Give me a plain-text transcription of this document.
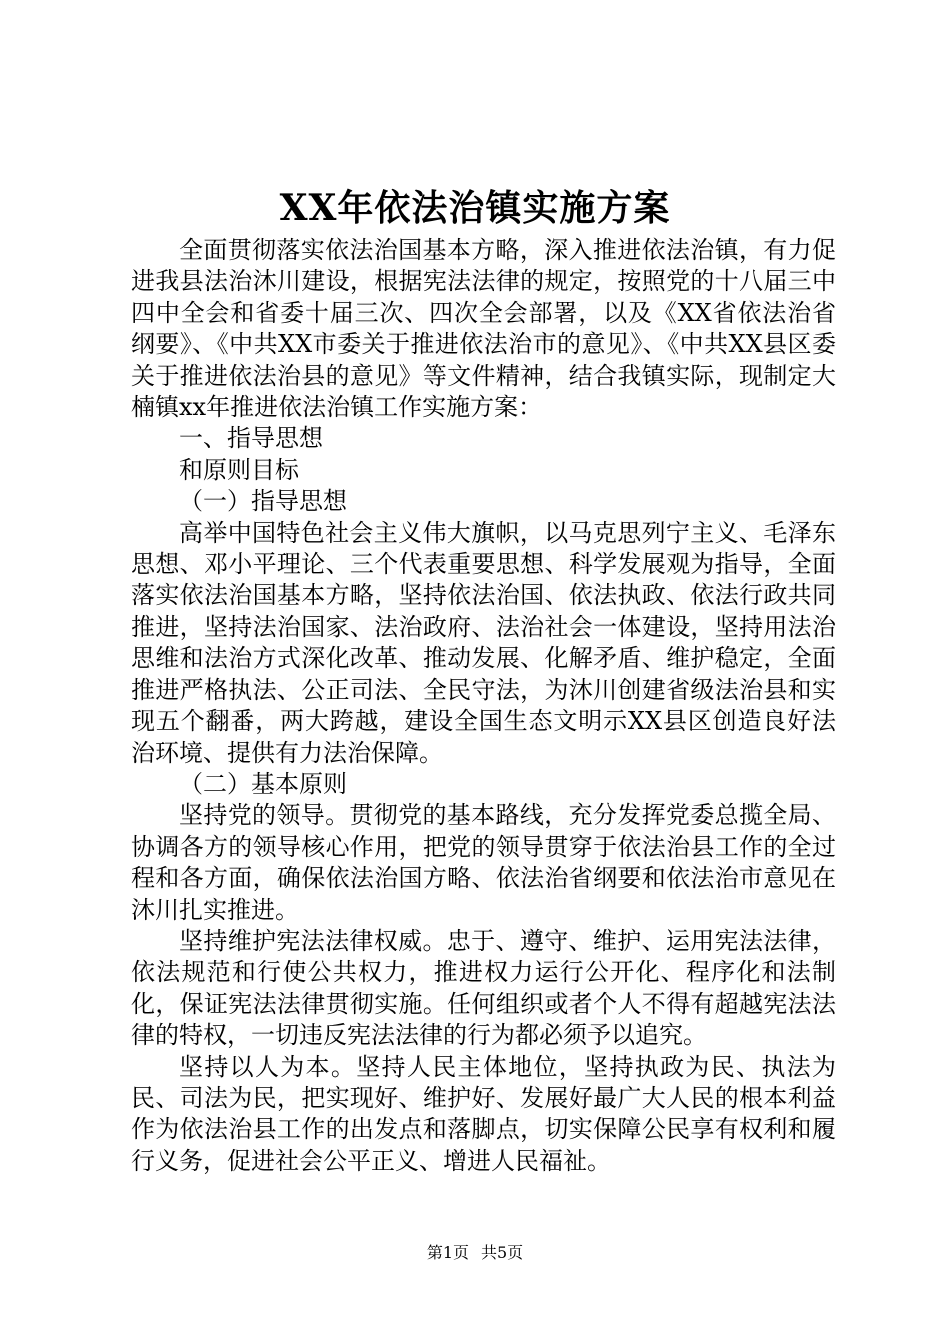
XX年依法治镇实施方案

全面贯彻落实依法治国基本方略，深入推进依法治镇，有力促进我县法治沐川建设，根据宪法法律的规定，按照党的十八届三中四中全会和省委十届三次、四次全会部署，以及《XX省依法治省纲要》、《中共XX市委关于推进依法治市的意见》、《中共XX县区委关于推进依法治县的意见》等文件精神，结合我镇实际，现制定大楠镇xx年推进依法治镇工作实施方案：

一、指导思想

和原则目标

（一）指导思想

高举中国特色社会主义伟大旗帜，以马克思列宁主义、毛泽东思想、邓小平理论、三个代表重要思想、科学发展观为指导，全面落实依法治国基本方略，坚持依法治国、依法执政、依法行政共同推进，坚持法治国家、法治政府、法治社会一体建设，坚持用法治思维和法治方式深化改革、推动发展、化解矛盾、维护稳定，全面推进严格执法、公正司法、全民守法，为沐川创建省级法治县和实现五个翻番，两大跨越，建设全国生态文明示XX县区创造良好法治环境、提供有力法治保障。

（二）基本原则

坚持党的领导。贯彻党的基本路线，充分发挥党委总揽全局、协调各方的领导核心作用，把党的领导贯穿于依法治县工作的全过程和各方面，确保依法治国方略、依法治省纲要和依法治市意见在沐川扎实推进。

坚持维护宪法法律权威。忠于、遵守、维护、运用宪法法律，依法规范和行使公共权力，推进权力运行公开化、程序化和法制化，保证宪法法律贯彻实施。任何组织或者个人不得有超越宪法法律的特权，一切违反宪法法律的行为都必须予以追究。

坚持以人为本。坚持人民主体地位，坚持执政为民、执法为民、司法为民，把实现好、维护好、发展好最广大人民的根本利益作为依法治县工作的出发点和落脚点，切实保障公民享有权利和履行义务，促进社会公平正义、增进人民福祉。

第1页 共5页
